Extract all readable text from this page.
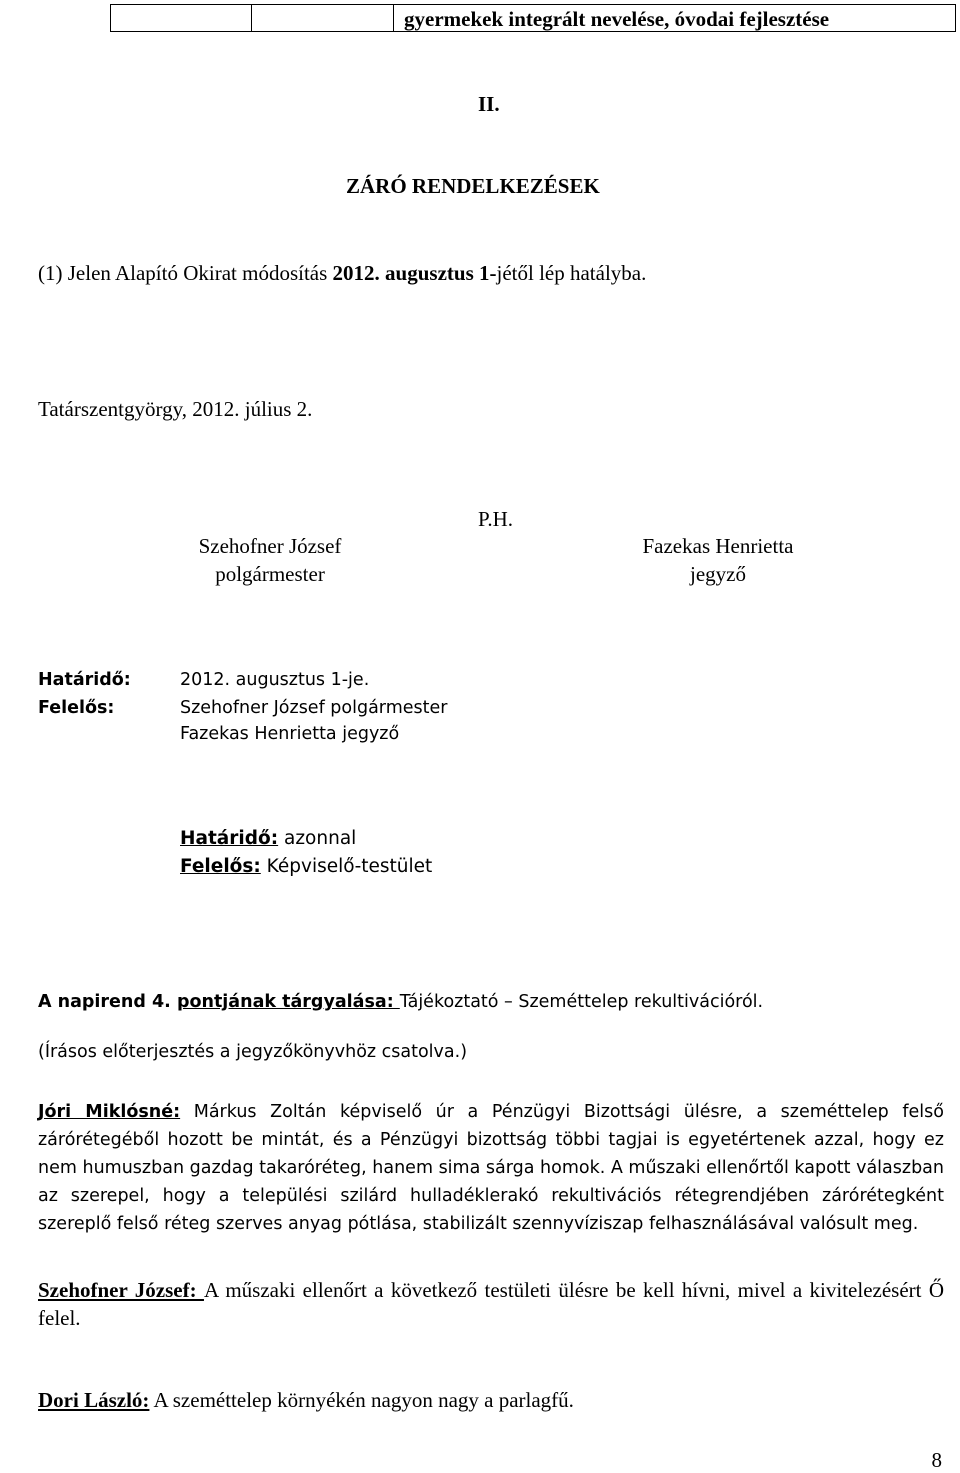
gyermekek integrált nevelése, óvodai fejlesztése
II.
ZÁRÓ RENDELKEZÉSEK
(1) Jelen Alapító Okirat módosítás 2012. augusztus 1-jétől lép hatályba.
Tatárszentgyörgy, 2012. július 2.
Szehofner József
polgármester
P.H.
Fazekas Henrietta
jegyző
Határidő:
Felelős:
2012. augusztus 1-je.
Szehofner József polgármester
Fazekas Henrietta jegyző
Határidő: azonnal
Felelős: Képviselő-testület
A napirend 4. pontjának tárgyalása: Tájékoztató – Szeméttelep rekultivációról.
(Írásos előterjesztés a jegyzőkönyvhöz csatolva.)
Jóri Miklósné: Márkus Zoltán képviselő úr a Pénzügyi Bizottsági ülésre, a szeméttelep felső zárórétegéből hozott be mintát, és a Pénzügyi bizottság többi tagjai is egyetértenek azzal, hogy ez nem humuszban gazdag takaróréteg, hanem sima sárga homok. A műszaki ellenőrtől kapott válaszban az szerepel, hogy a települési szilárd hulladéklerakó rekultivációs rétegrendjében zárórétegként szereplő felső réteg szerves anyag pótlása, stabilizált szennyvíziszap felhasználásával valósult meg.
Szehofner József: A műszaki ellenőrt a következő testületi ülésre be kell hívni, mivel a kivitelezésért Ő felel.
Dori László: A szeméttelep környékén nagyon nagy a parlagfű.
8
